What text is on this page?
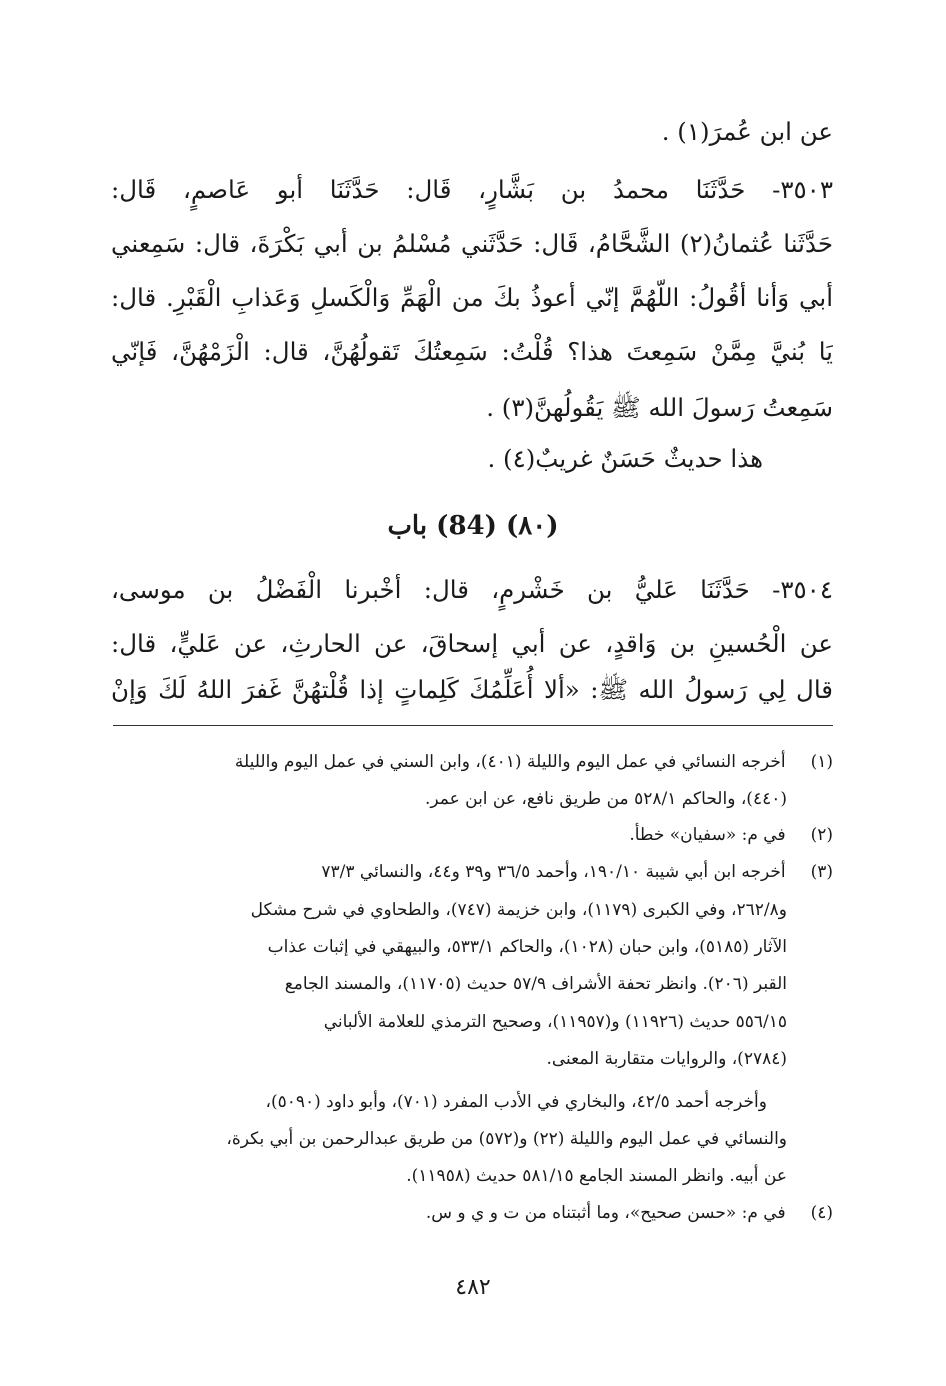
عن ابن عُمرَ(١) .
٣٥٠٣- حَدَّثَنَا محمدُ بن بَشَّارٍ، قَال: حَدَّثَنَا أبو عَاصمٍ، قَال:
حَدَّثَنا عُثمانُ(٢) الشَّحَّامُ، قَال: حَدَّثَني مُسْلمُ بن أبي بَكْرَةَ، قال: سَمِعني
أبي وَأنا أقُولُ: اللّهُمَّ إنّي أعوذُ بكَ من الْهَمِّ وَالْكَسلِ وَعَذابِ الْقَبْرِ. قال:
يَا بُنيَّ مِمَّنْ سَمِعتَ هذا؟ قُلْتُ: سَمِعتُكَ تَقولُهُنَّ، قال: الْزَمْهُنَّ، فَإنّي
سَمِعتُ رَسولَ الله ﷺ يَقُولُهنَّ(٣) .
هذا حديثٌ حَسَنٌ غريبٌ(٤) .
(٨٠) (84) باب
٣٥٠٤- حَدَّثَنَا عَليُّ بن خَشْرمٍ، قال: أخْبرنا الْفَضْلُ بن موسى،
عن الْحُسينِ بن وَاقدٍ، عن أبي إسحاقَ، عن الحارثِ، عن عَليٍّ، قال:
قال لِي رَسولُ الله ﷺ: «ألا أُعَلِّمُكَ كَلِماتٍ إذا قُلْتهُنَّ غَفرَ اللهُ لَكَ وَإنْ
(١) أخرجه النسائي في عمل اليوم والليلة (٤٠١)، وابن السني في عمل اليوم والليلة
(٤٤٠)، والحاكم ٥٢٨/١ من طريق نافع، عن ابن عمر.
(٢) في م: «سفيان» خطأ.
(٣) أخرجه ابن أبي شيبة ١٩٠/١٠، وأحمد ٣٦/٥ و٣٩ و٤٤، والنسائي ٧٣/٣
و٢٦٢/٨، وفي الكبرى (١١٧٩)، وابن خزيمة (٧٤٧)، والطحاوي في شرح مشكل
الآثار (٥١٨٥)، وابن حبان (١٠٢٨)، والحاكم ٥٣٣/١، والبيهقي في إثبات عذاب
القبر (٢٠٦). وانظر تحفة الأشراف ٥٧/٩ حديث (١١٧٠٥)، والمسند الجامع
٥٥٦/١٥ حديث (١١٩٢٦) و(١١٩٥٧)، وصحيح الترمذي للعلامة الألباني
(٢٧٨٤)، والروايات متقاربة المعنى.
وأخرجه أحمد ٤٢/٥، والبخاري في الأدب المفرد (٧٠١)، وأبو داود (٥٠٩٠)،
والنسائي في عمل اليوم والليلة (٢٢) و(٥٧٢) من طريق عبدالرحمن بن أبي بكرة،
عن أبيه. وانظر المسند الجامع ٥٨١/١٥ حديث (١١٩٥٨).
(٤) في م: «حسن صحيح»، وما أثبتناه من ت و ي و س.
٤٨٢
